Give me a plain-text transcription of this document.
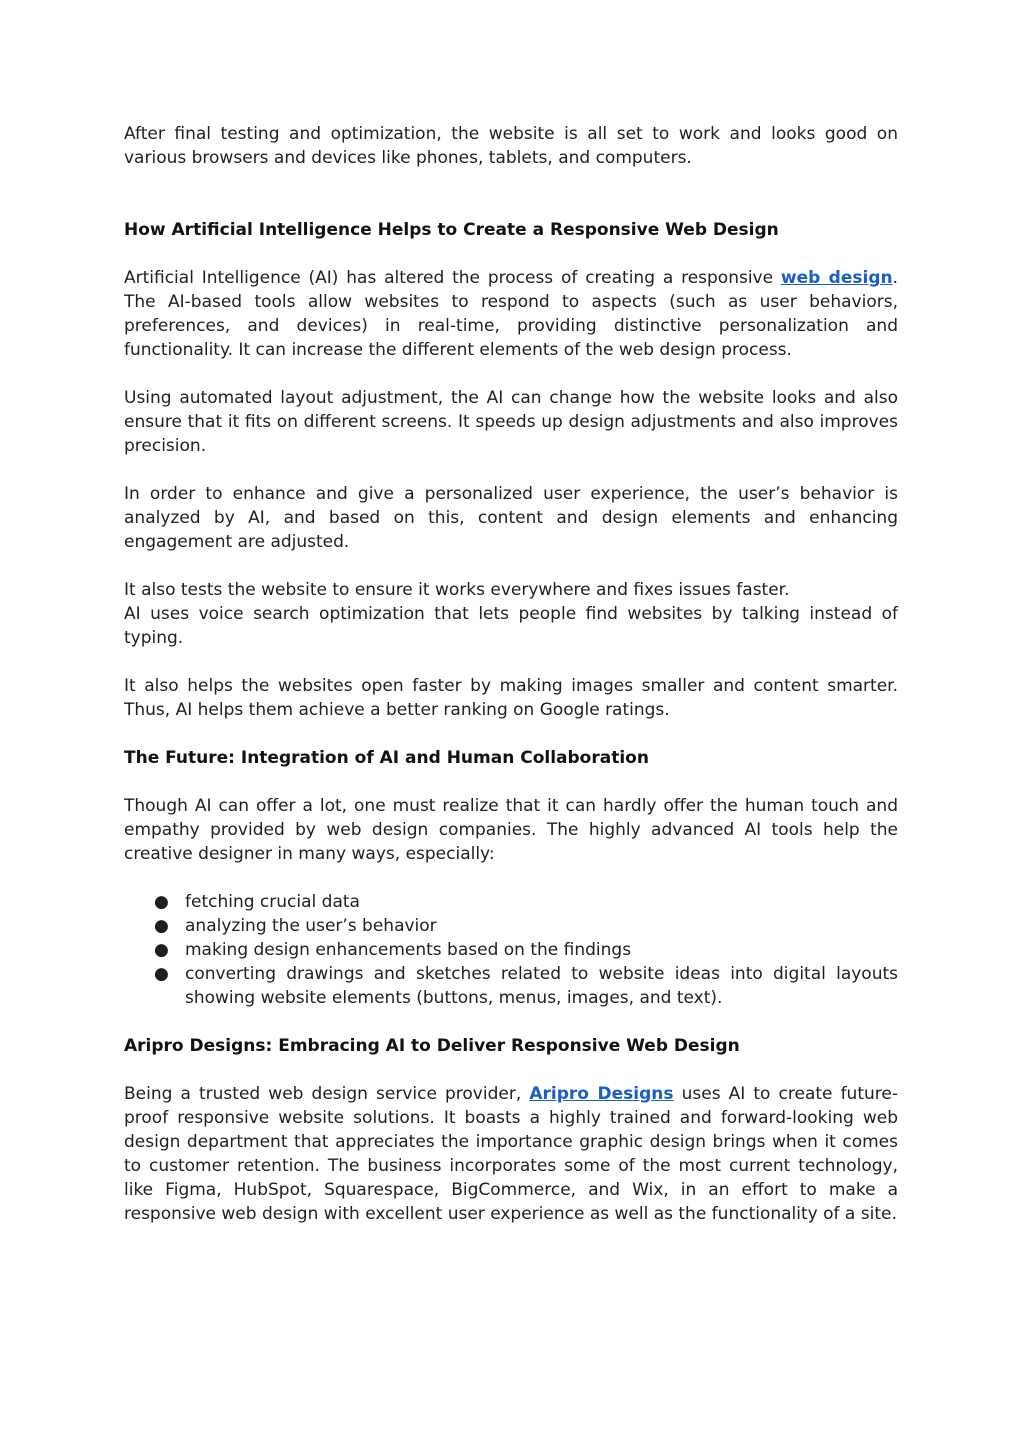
After final testing and optimization, the website is all set to work and looks good on various browsers and devices like phones, tablets, and computers.

How Artificial Intelligence Helps to Create a Responsive Web Design

Artificial Intelligence (AI) has altered the process of creating a responsive web design. The AI-based tools allow websites to respond to aspects (such as user behaviors, preferences, and devices) in real-time, providing distinctive personalization and functionality. It can increase the different elements of the web design process.

Using automated layout adjustment, the AI can change how the website looks and also ensure that it fits on different screens. It speeds up design adjustments and also improves precision.

In order to enhance and give a personalized user experience, the user’s behavior is analyzed by AI, and based on this, content and design elements and enhancing engagement are adjusted.

It also tests the website to ensure it works everywhere and fixes issues faster.

AI uses voice search optimization that lets people find websites by talking instead of typing.

It also helps the websites open faster by making images smaller and content smarter. Thus, AI helps them achieve a better ranking on Google ratings.

The Future: Integration of AI and Human Collaboration

Though AI can offer a lot, one must realize that it can hardly offer the human touch and empathy provided by web design companies. The highly advanced AI tools help the creative designer in many ways, especially:

● fetching crucial data
● analyzing the user’s behavior
● making design enhancements based on the findings
● converting drawings and sketches related to website ideas into digital layouts showing website elements (buttons, menus, images, and text).

Aripro Designs: Embracing AI to Deliver Responsive Web Design

Being a trusted web design service provider, Aripro Designs uses AI to create future-proof responsive website solutions. It boasts a highly trained and forward-looking web design department that appreciates the importance graphic design brings when it comes to customer retention. The business incorporates some of the most current technology, like Figma, HubSpot, Squarespace, BigCommerce, and Wix, in an effort to make a responsive web design with excellent user experience as well as the functionality of a site.
